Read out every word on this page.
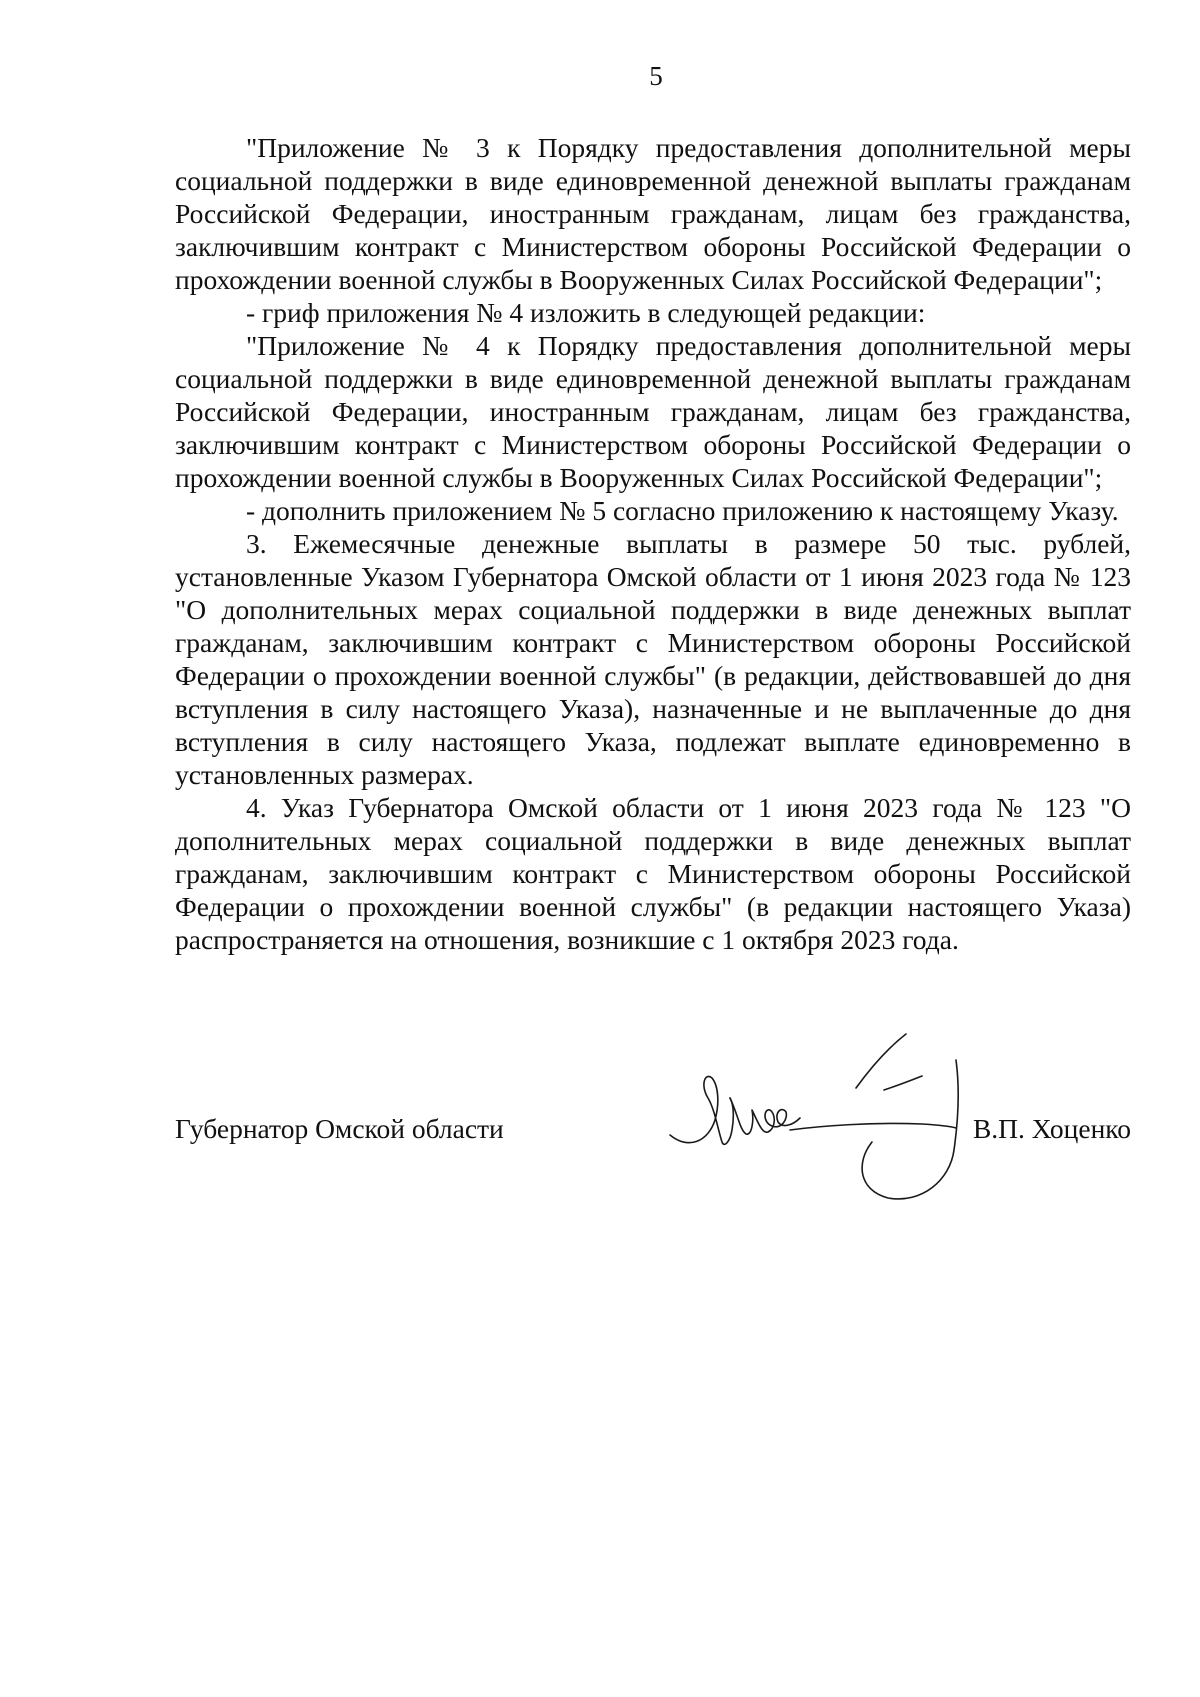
5

"Приложение № 3 к Порядку предоставления дополнительной меры социальной поддержки в виде единовременной денежной выплаты гражданам Российской Федерации, иностранным гражданам, лицам без гражданства, заключившим контракт с Министерством обороны Российской Федерации о прохождении военной службы в Вооруженных Силах Российской Федерации";

- гриф приложения № 4 изложить в следующей редакции:

"Приложение № 4 к Порядку предоставления дополнительной меры социальной поддержки в виде единовременной денежной выплаты гражданам Российской Федерации, иностранным гражданам, лицам без гражданства, заключившим контракт с Министерством обороны Российской Федерации о прохождении военной службы в Вооруженных Силах Российской Федерации";

- дополнить приложением № 5 согласно приложению к настоящему Указу.

3. Ежемесячные денежные выплаты в размере 50 тыс. рублей, установленные Указом Губернатора Омской области от 1 июня 2023 года № 123 "О дополнительных мерах социальной поддержки в виде денежных выплат гражданам, заключившим контракт с Министерством обороны Российской Федерации о прохождении военной службы" (в редакции, действовавшей до дня вступления в силу настоящего Указа), назначенные и не выплаченные до дня вступления в силу настоящего Указа, подлежат выплате единовременно в установленных размерах.

4. Указ Губернатора Омской области от 1 июня 2023 года № 123 "О дополнительных мерах социальной поддержки в виде денежных выплат гражданам, заключившим контракт с Министерством обороны Российской Федерации о прохождении военной службы" (в редакции настоящего Указа) распространяется на отношения, возникшие с 1 октября 2023 года.

Губернатор Омской области	В.П. Хоценко
